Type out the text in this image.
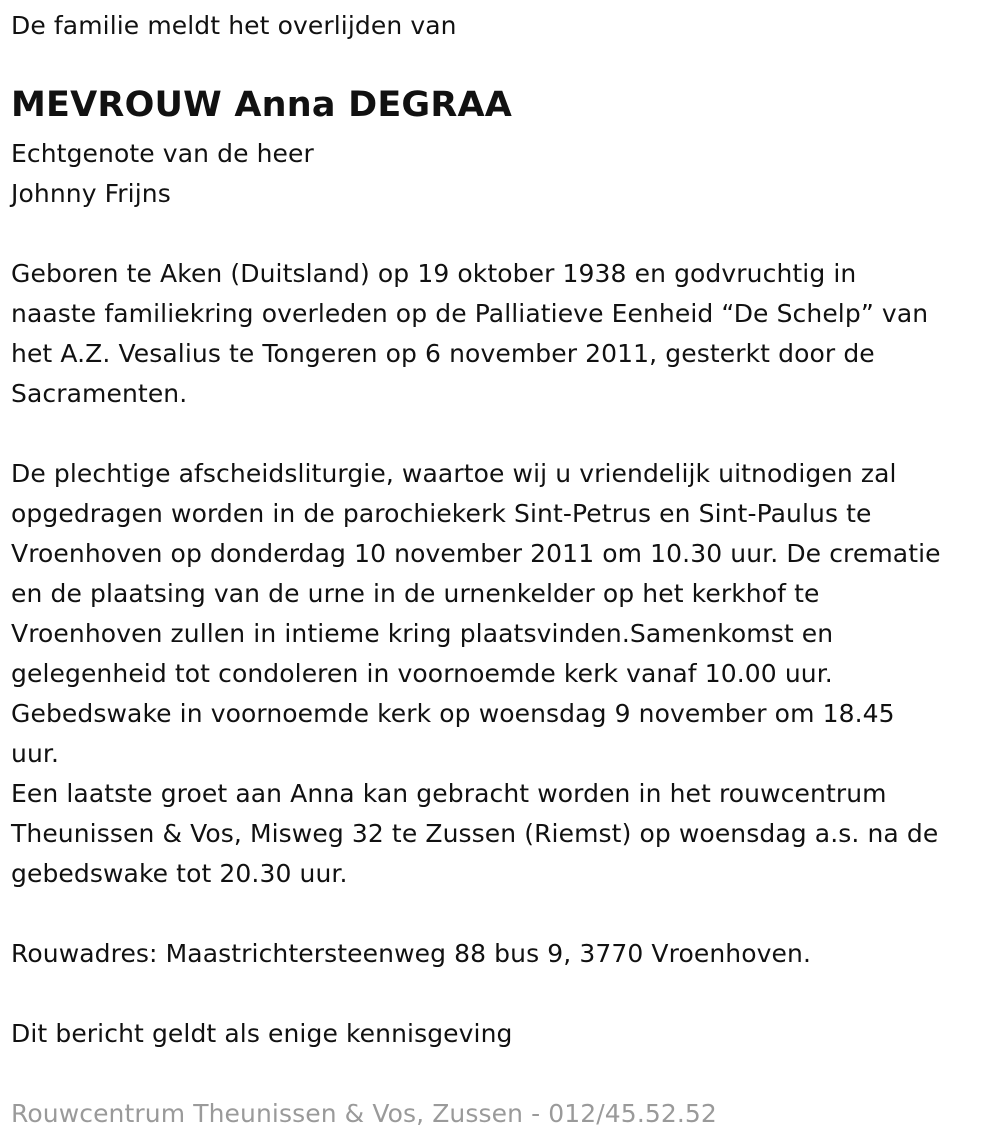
De familie meldt het overlijden van
MEVROUW Anna DEGRAA
Echtgenote van de heer
Johnny Frijns
Geboren te Aken (Duitsland) op 19 oktober 1938 en godvruchtig in
naaste familiekring overleden op de Palliatieve Eenheid “De Schelp” van
het A.Z. Vesalius te Tongeren op 6 november 2011, gesterkt door de
Sacramenten.
De plechtige afscheidsliturgie, waartoe wij u vriendelijk uitnodigen zal
opgedragen worden in de parochiekerk Sint-Petrus en Sint-Paulus te
Vroenhoven op donderdag 10 november 2011 om 10.30 uur. De crematie
en de plaatsing van de urne in de urnenkelder op het kerkhof te
Vroenhoven zullen in intieme kring plaatsvinden.Samenkomst en
gelegenheid tot condoleren in voornoemde kerk vanaf 10.00 uur.
Gebedswake in voornoemde kerk op woensdag 9 november om 18.45
uur.
Een laatste groet aan Anna kan gebracht worden in het rouwcentrum
Theunissen & Vos, Misweg 32 te Zussen (Riemst) op woensdag a.s. na de
gebedswake tot 20.30 uur.
Rouwadres: Maastrichtersteenweg 88 bus 9, 3770 Vroenhoven.
Dit bericht geldt als enige kennisgeving
Rouwcentrum Theunissen & Vos, Zussen - 012/45.52.52
